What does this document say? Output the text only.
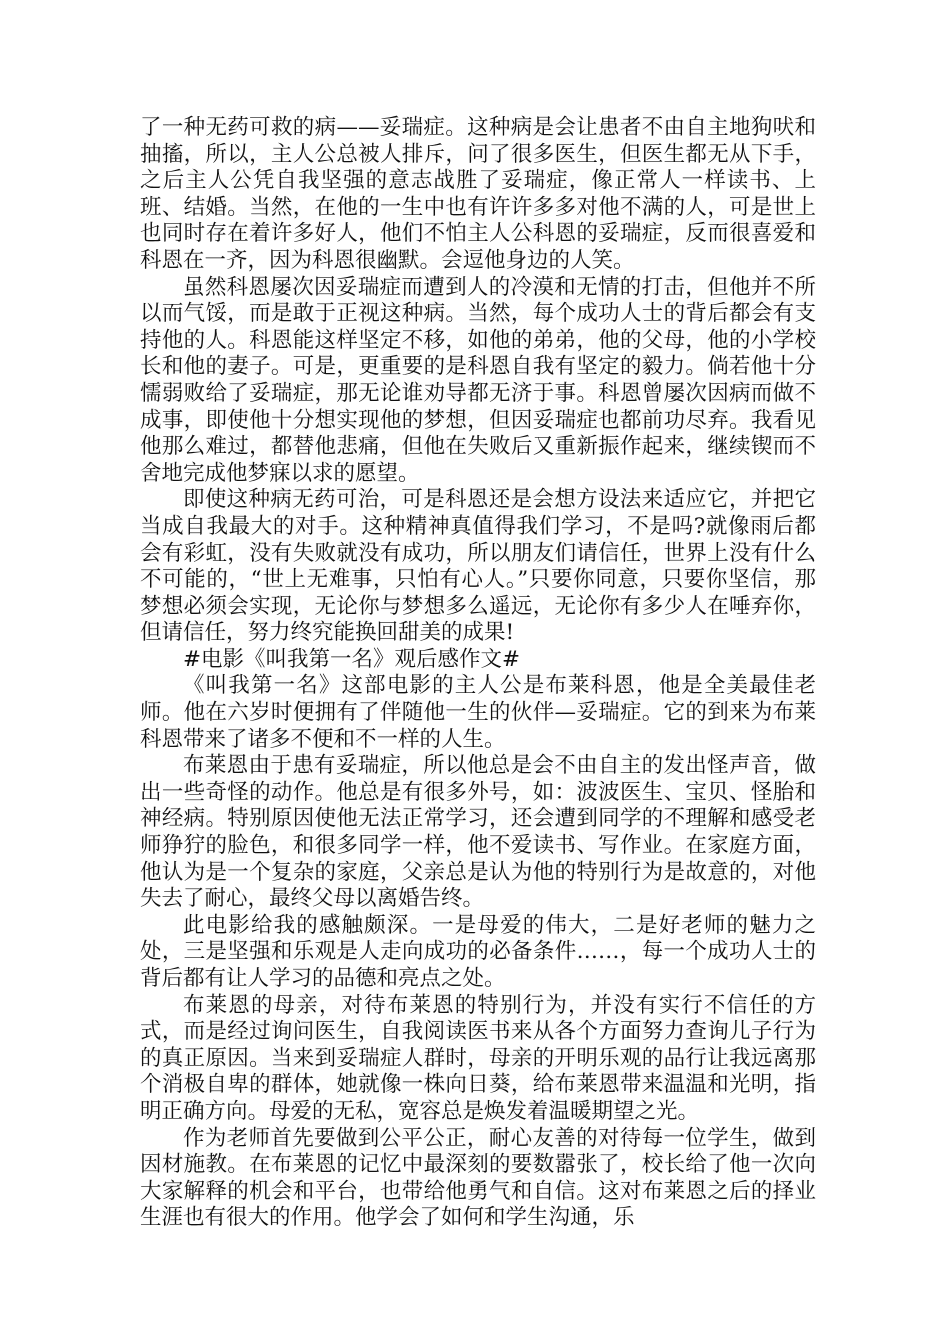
了一种无药可救的病——妥瑞症。这种病是会让患者不由自主地狗吠和抽搐，所以，主人公总被人排斥，问了很多医生，但医生都无从下手，之后主人公凭自我坚强的意志战胜了妥瑞症，像正常人一样读书、上班、结婚。当然，在他的一生中也有许许多多对他不满的人，可是世上也同时存在着许多好人，他们不怕主人公科恩的妥瑞症，反而很喜爱和科恩在一齐，因为科恩很幽默。会逗他身边的人笑。

虽然科恩屡次因妥瑞症而遭到人的冷漠和无情的打击，但他并不所以而气馁，而是敢于正视这种病。当然，每个成功人士的背后都会有支持他的人。科恩能这样坚定不移，如他的弟弟，他的父母，他的小学校长和他的妻子。可是，更重要的是科恩自我有坚定的毅力。倘若他十分懦弱败给了妥瑞症，那无论谁劝导都无济于事。科恩曾屡次因病而做不成事，即使他十分想实现他的梦想，但因妥瑞症也都前功尽弃。我看见他那么难过，都替他悲痛，但他在失败后又重新振作起来，继续锲而不舍地完成他梦寐以求的愿望。

即使这种病无药可治，可是科恩还是会想方设法来适应它，并把它当成自我最大的对手。这种精神真值得我们学习，不是吗?就像雨后都会有彩虹，没有失败就没有成功，所以朋友们请信任，世界上没有什么不可能的，“世上无难事，只怕有心人。”只要你同意，只要你坚信，那梦想必须会实现，无论你与梦想多么遥远，无论你有多少人在唾弃你，但请信任，努力终究能换回甜美的成果!

#电影《叫我第一名》观后感作文#

《叫我第一名》这部电影的主人公是布莱科恩，他是全美最佳老师。他在六岁时便拥有了伴随他一生的伙伴—妥瑞症。它的到来为布莱科恩带来了诸多不便和不一样的人生。

布莱恩由于患有妥瑞症，所以他总是会不由自主的发出怪声音，做出一些奇怪的动作。他总是有很多外号，如：波波医生、宝贝、怪胎和神经病。特别原因使他无法正常学习，还会遭到同学的不理解和感受老师狰狞的脸色，和很多同学一样，他不爱读书、写作业。在家庭方面，他认为是一个复杂的家庭，父亲总是认为他的特别行为是故意的，对他失去了耐心，最终父母以离婚告终。

此电影给我的感触颇深。一是母爱的伟大，二是好老师的魅力之处，三是坚强和乐观是人走向成功的必备条件……，每一个成功人士的背后都有让人学习的品德和亮点之处。

布莱恩的母亲，对待布莱恩的特别行为，并没有实行不信任的方式，而是经过询问医生，自我阅读医书来从各个方面努力查询儿子行为的真正原因。当来到妥瑞症人群时，母亲的开明乐观的品行让我远离那个消极自卑的群体，她就像一株向日葵，给布莱恩带来温温和光明，指明正确方向。母爱的无私，宽容总是焕发着温暖期望之光。

作为老师首先要做到公平公正，耐心友善的对待每一位学生，做到因材施教。在布莱恩的记忆中最深刻的要数嚣张了，校长给了他一次向大家解释的机会和平台，也带给他勇气和自信。这对布莱恩之后的择业生涯也有很大的作用。他学会了如何和学生沟通，乐
